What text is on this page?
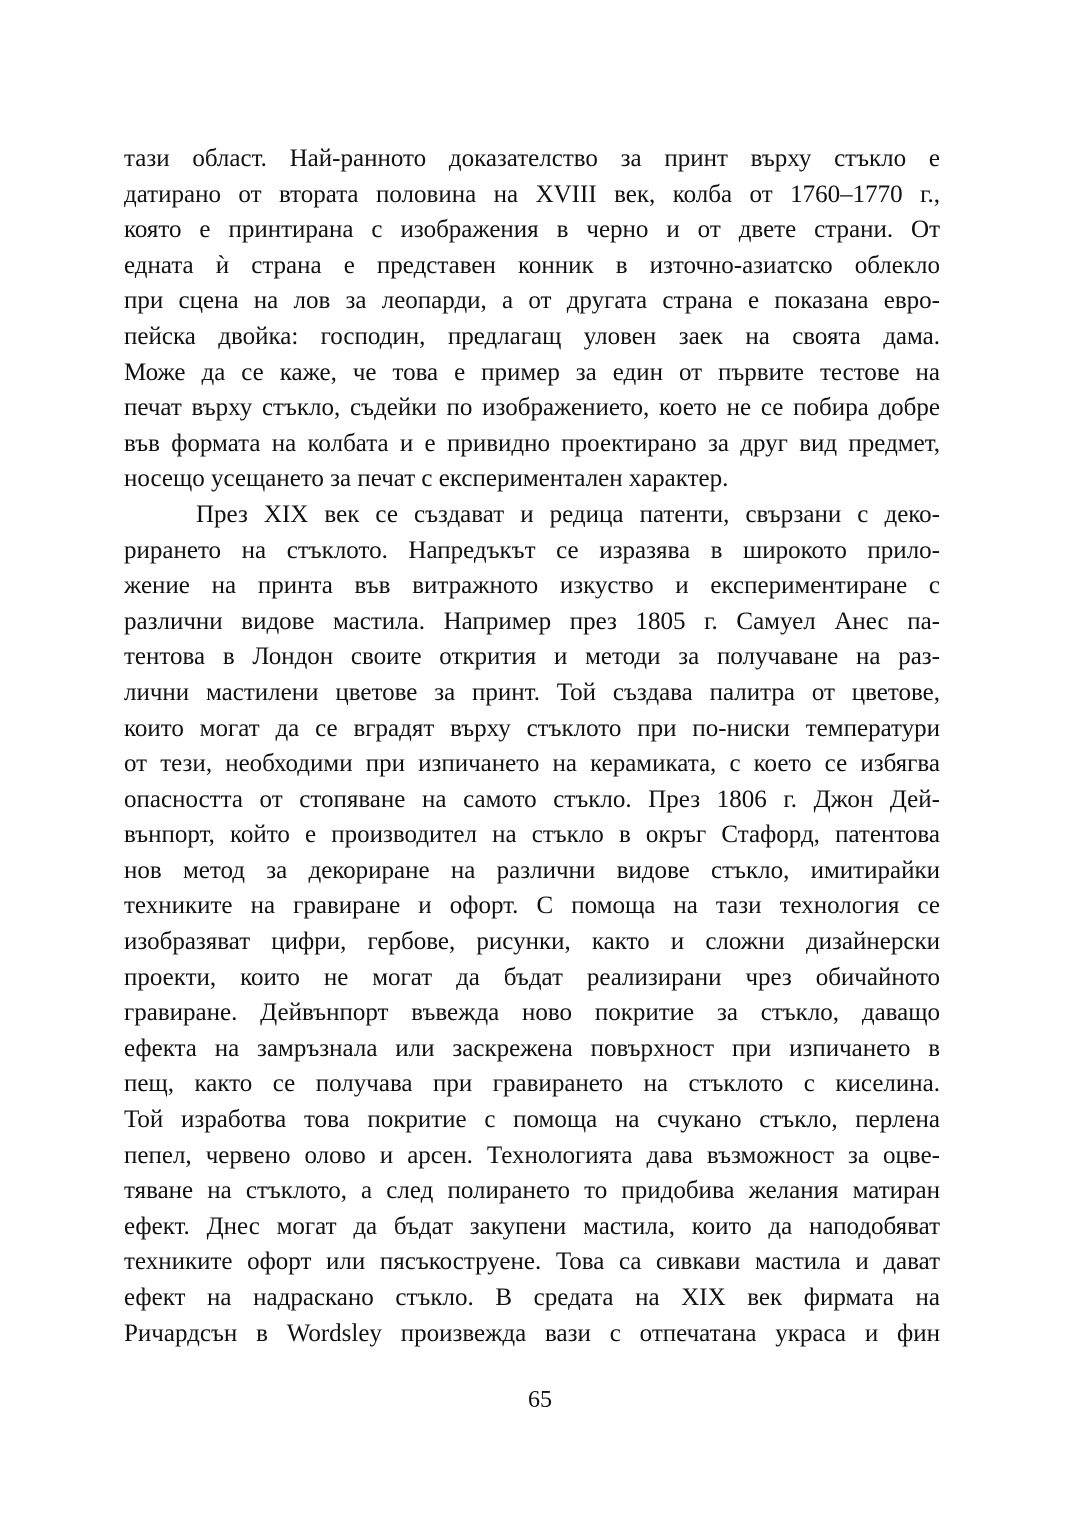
тази област. Най-ранното доказателство за принт върху стъкло е
датирано от втората половина на XVIII век, колба от 1760–1770 г.,
която е принтирана с изображения в черно и от двете страни. От
едната ѝ страна е представен конник в източно-азиатско облекло
при сцена на лов за леопарди, а от другата страна е показана евро-
пейска двойка: господин, предлагащ уловен заек на своята дама.
Може да се каже, че това е пример за един от първите тестове на
печат върху стъкло, съдейки по изображението, което не се побира добре
във формата на колбата и е привидно проектирано за друг вид предмет,
носещо усещането за печат с експериментален характер.
През XIX век се създават и редица патенти, свързани с деко-
рирането на стъклото. Напредъкът се изразява в широкото прило-
жение на принта във витражното изкуство и експериментиране с
различни видове мастила. Например през 1805 г. Самуел Анес па-
тентова в Лондон своите открития и методи за получаване на раз-
лични мастилени цветове за принт. Той създава палитра от цветове,
които могат да се вградят върху стъклото при по-ниски температури
от тези, необходими при изпичането на керамиката, с което се избягва
опасността от стопяване на самото стъкло. През 1806 г. Джон Дей-
вънпорт, който е производител на стъкло в окръг Стафорд, патентова
нов метод за декориране на различни видове стъкло, имитирайки
техниките на гравиране и офорт. С помоща на тази технология се
изобразяват цифри, гербове, рисунки, както и сложни дизайнерски
проекти, които не могат да бъдат реализирани чрез обичайното
гравиране. Дейвънпорт въвежда ново покритие за стъкло, даващо
ефекта на замръзнала или заскрежена повърхност при изпичането в
пещ, както се получава при гравирането на стъклото с киселина.
Той изработва това покритие с помоща на счукано стъкло, перлена
пепел, червено олово и арсен. Технологията дава възможност за оцве-
тяване на стъклото, а след полирането то придобива желания матиран
ефект. Днес могат да бъдат закупени мастила, които да наподобяват
техниките офорт или пясъкоструене. Това са сивкави мастила и дават
ефект на надраскано стъкло. В средата на XIX век фирмата на
Ричардсън в Wordsley произвежда вази с отпечатана украса и фин
65
